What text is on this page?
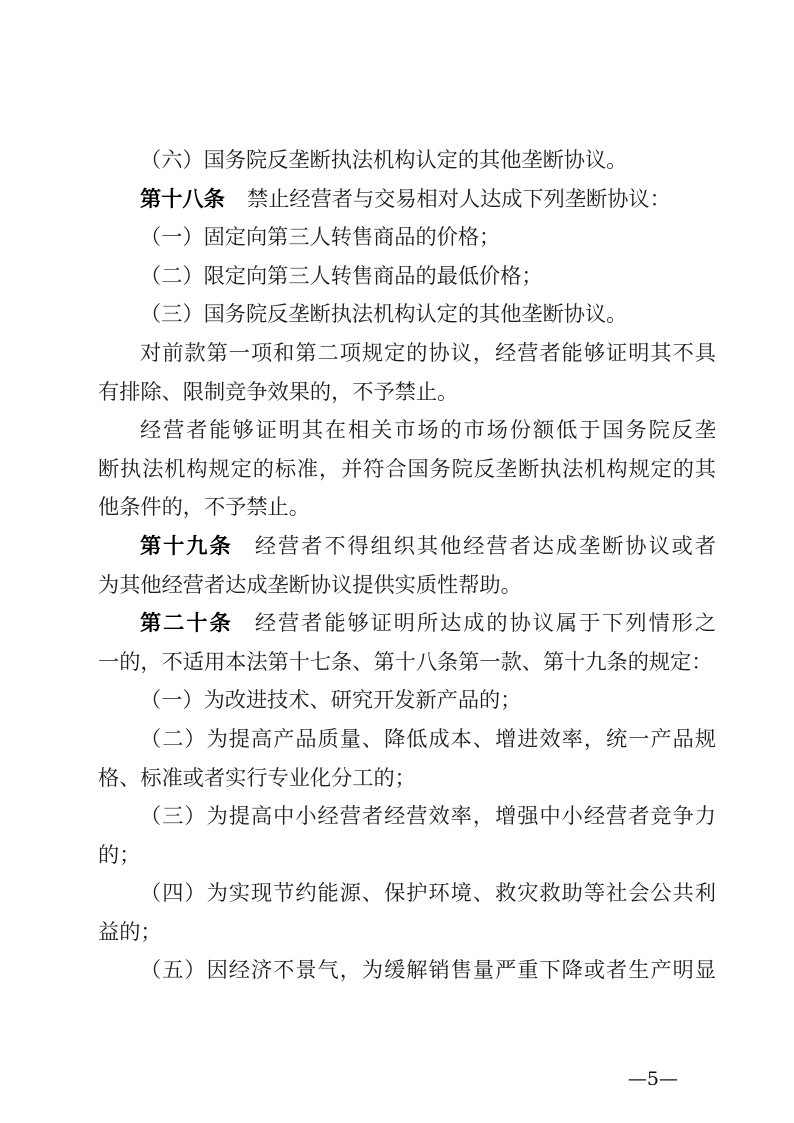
（六）国务院反垄断执法机构认定的其他垄断协议。
第十八条 禁止经营者与交易相对人达成下列垄断协议：
（一）固定向第三人转售商品的价格；
（二）限定向第三人转售商品的最低价格；
（三）国务院反垄断执法机构认定的其他垄断协议。
对前款第一项和第二项规定的协议，经营者能够证明其不具
有排除、限制竞争效果的，不予禁止。
经营者能够证明其在相关市场的市场份额低于国务院反垄
断执法机构规定的标准，并符合国务院反垄断执法机构规定的其
他条件的，不予禁止。
第十九条 经营者不得组织其他经营者达成垄断协议或者
为其他经营者达成垄断协议提供实质性帮助。
第二十条 经营者能够证明所达成的协议属于下列情形之
一的，不适用本法第十七条、第十八条第一款、第十九条的规定：
（一）为改进技术、研究开发新产品的；
（二）为提高产品质量、降低成本、增进效率，统一产品规
格、标准或者实行专业化分工的；
（三）为提高中小经营者经营效率，增强中小经营者竞争力
的；
（四）为实现节约能源、保护环境、救灾救助等社会公共利
益的；
（五）因经济不景气，为缓解销售量严重下降或者生产明显
—5—
